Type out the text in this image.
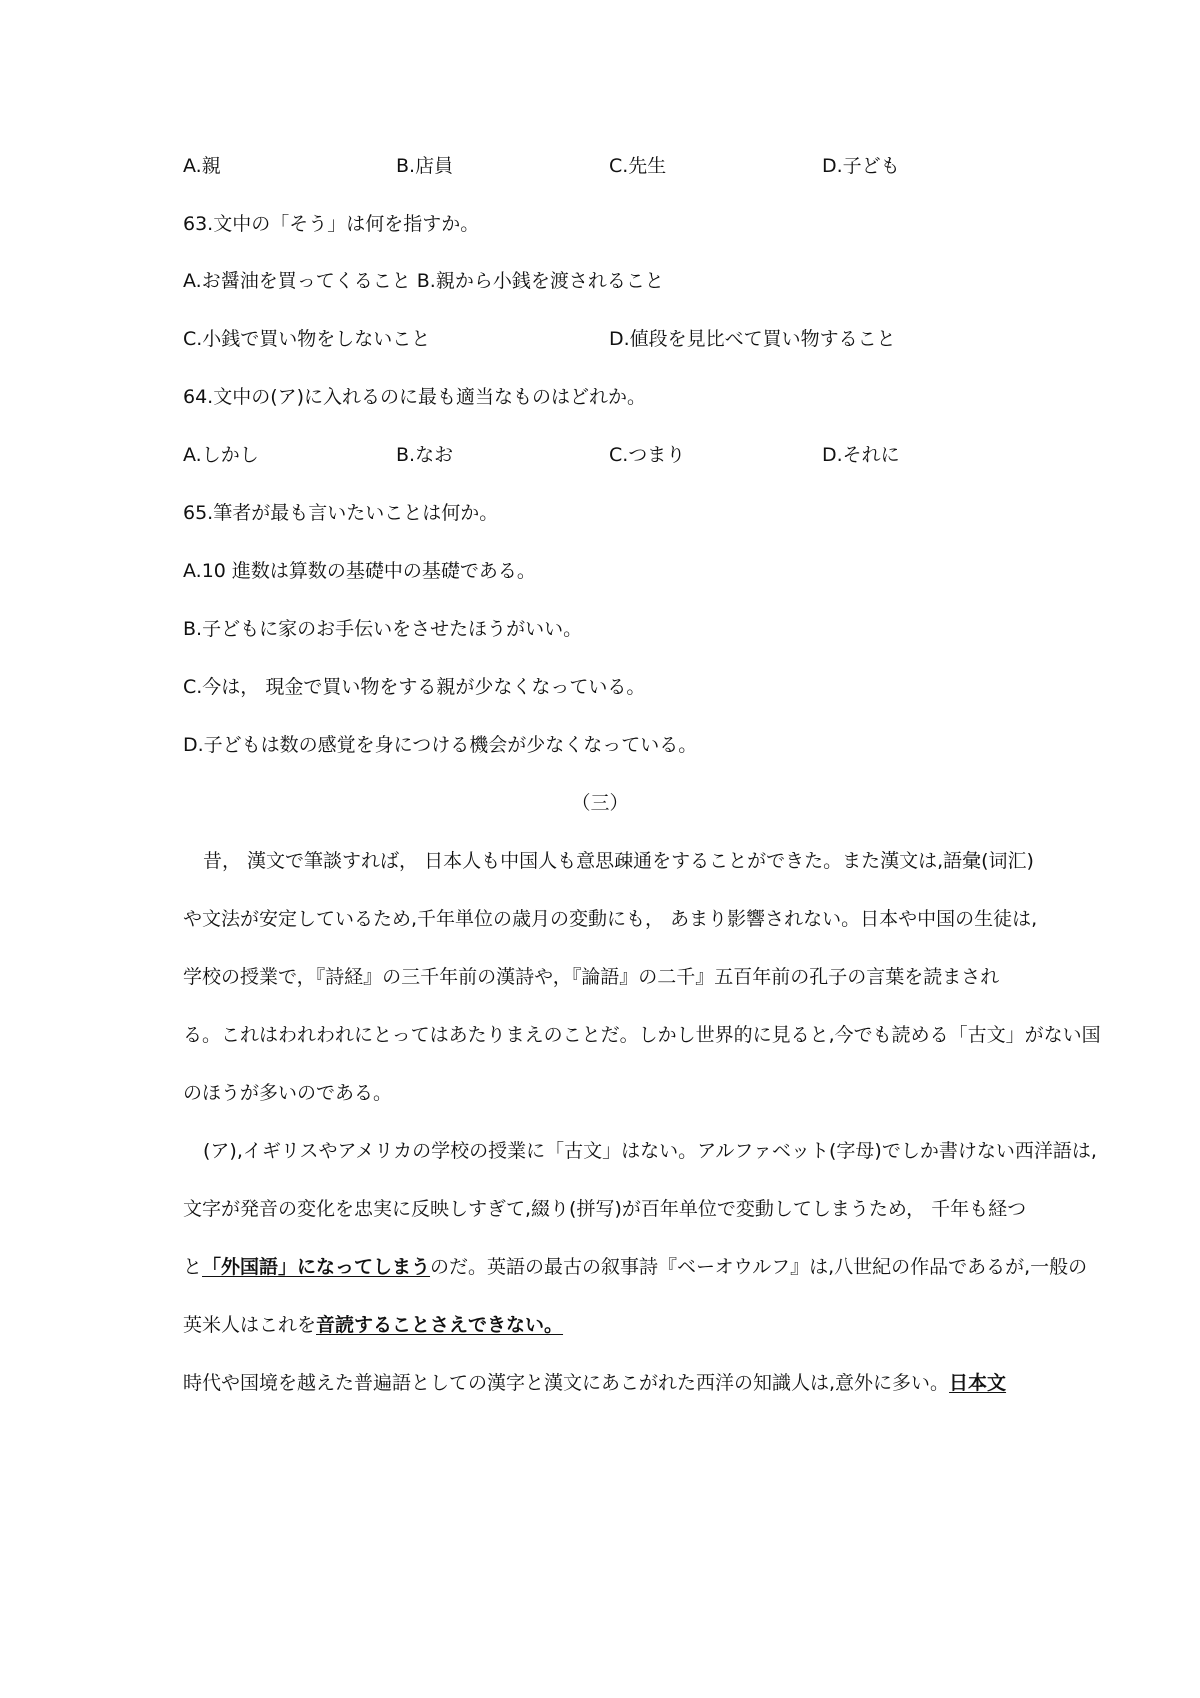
A.親	B.店員	C.先生	D.子ども
63.文中の「そう」は何を指すか。
A.お醤油を買ってくること B.親から小銭を渡されること
C.小銭で買い物をしないこと	D.値段を見比べて買い物すること
64.文中の(ア)に入れるのに最も適当なものはどれか。
A.しかし	B.なお	C.つまり	D.それに
65.筆者が最も言いたいことは何か。
A.10 進数は算数の基礎中の基礎である。
B.子どもに家のお手伝いをさせたほうがいい。
C.今は， 現金で買い物をする親が少なくなっている。
D.子どもは数の感覚を身につける機会が少なくなっている。
（三）
昔， 漢文で筆談すれば， 日本人も中国人も意思疎通をすることができた。また漢文は,語彙(词汇)
や文法が安定しているため,千年単位の歳月の変動にも， あまり影響されない。日本や中国の生徒は,
学校の授業で，『詩経』の三千年前の漢詩や，『論語』の二千』五百年前の孔子の言葉を読まされ
る。これはわれわれにとってはあたりまえのことだ。しかし世界的に見ると,今でも読める「古文」がない国
のほうが多いのである。
(ア),イギリスやアメリカの学校の授業に「古文」はない。アルファベット(字母)でしか書けない西洋語は,
文字が発音の変化を忠実に反映しすぎて,綴り(拼写)が百年单位で変動してしまうため， 千年も経つ
と「外国語」になってしまうのだ。英語の最古の叙事詩『ベーオウルフ』は,八世紀の作品であるが,一般の
英米人はこれを音読することさえできない。
時代や国境を越えた普遍語としての漢字と漢文にあこがれた西洋の知識人は,意外に多い。日本文
